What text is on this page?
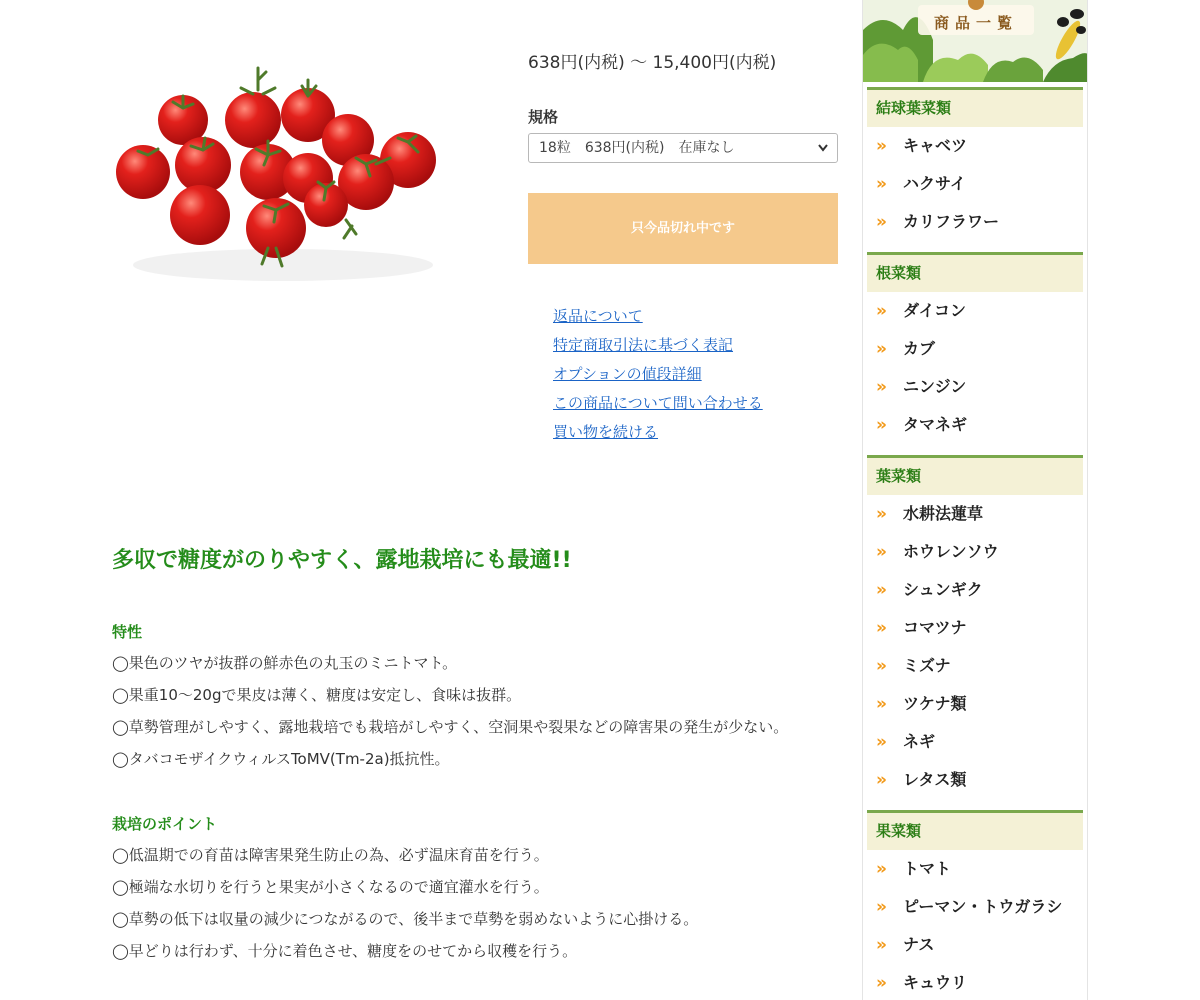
638円(内税) 〜 15,400円(内税)
規格
18粒　638円(内税)　在庫なし
只今品切れ中です
返品について
特定商取引法に基づく表記
オプションの値段詳細
この商品について問い合わせる
買い物を続ける
多収で糖度がのりやすく、露地栽培にも最適!!
特性
◯果色のツヤが抜群の鮮赤色の丸玉のミニトマト。
◯果重10〜20gで果皮は薄く、糖度は安定し、食味は抜群。
◯草勢管理がしやすく、露地栽培でも栽培がしやすく、空洞果や裂果などの障害果の発生が少ない。
◯タバコモザイクウィルスToMV(Tm-2a)抵抗性。
栽培のポイント
◯低温期での育苗は障害果発生防止の為、必ず温床育苗を行う。
◯極端な水切りを行うと果実が小さくなるので適宜灌水を行う。
◯草勢の低下は収量の減少につながるので、後半まで草勢を弱めないように心掛ける。
◯早どりは行わず、十分に着色させ、糖度をのせてから収穫を行う。
商品一覧
結球葉菜類
» キャベツ
» ハクサイ
» カリフラワー
根菜類
» ダイコン
» カブ
» ニンジン
» タマネギ
葉菜類
» 水耕法蓮草
» ホウレンソウ
» シュンギク
» コマツナ
» ミズナ
» ツケナ類
» ネギ
» レタス類
果菜類
» トマト
» ピーマン・トウガラシ
» ナス
» キュウリ
